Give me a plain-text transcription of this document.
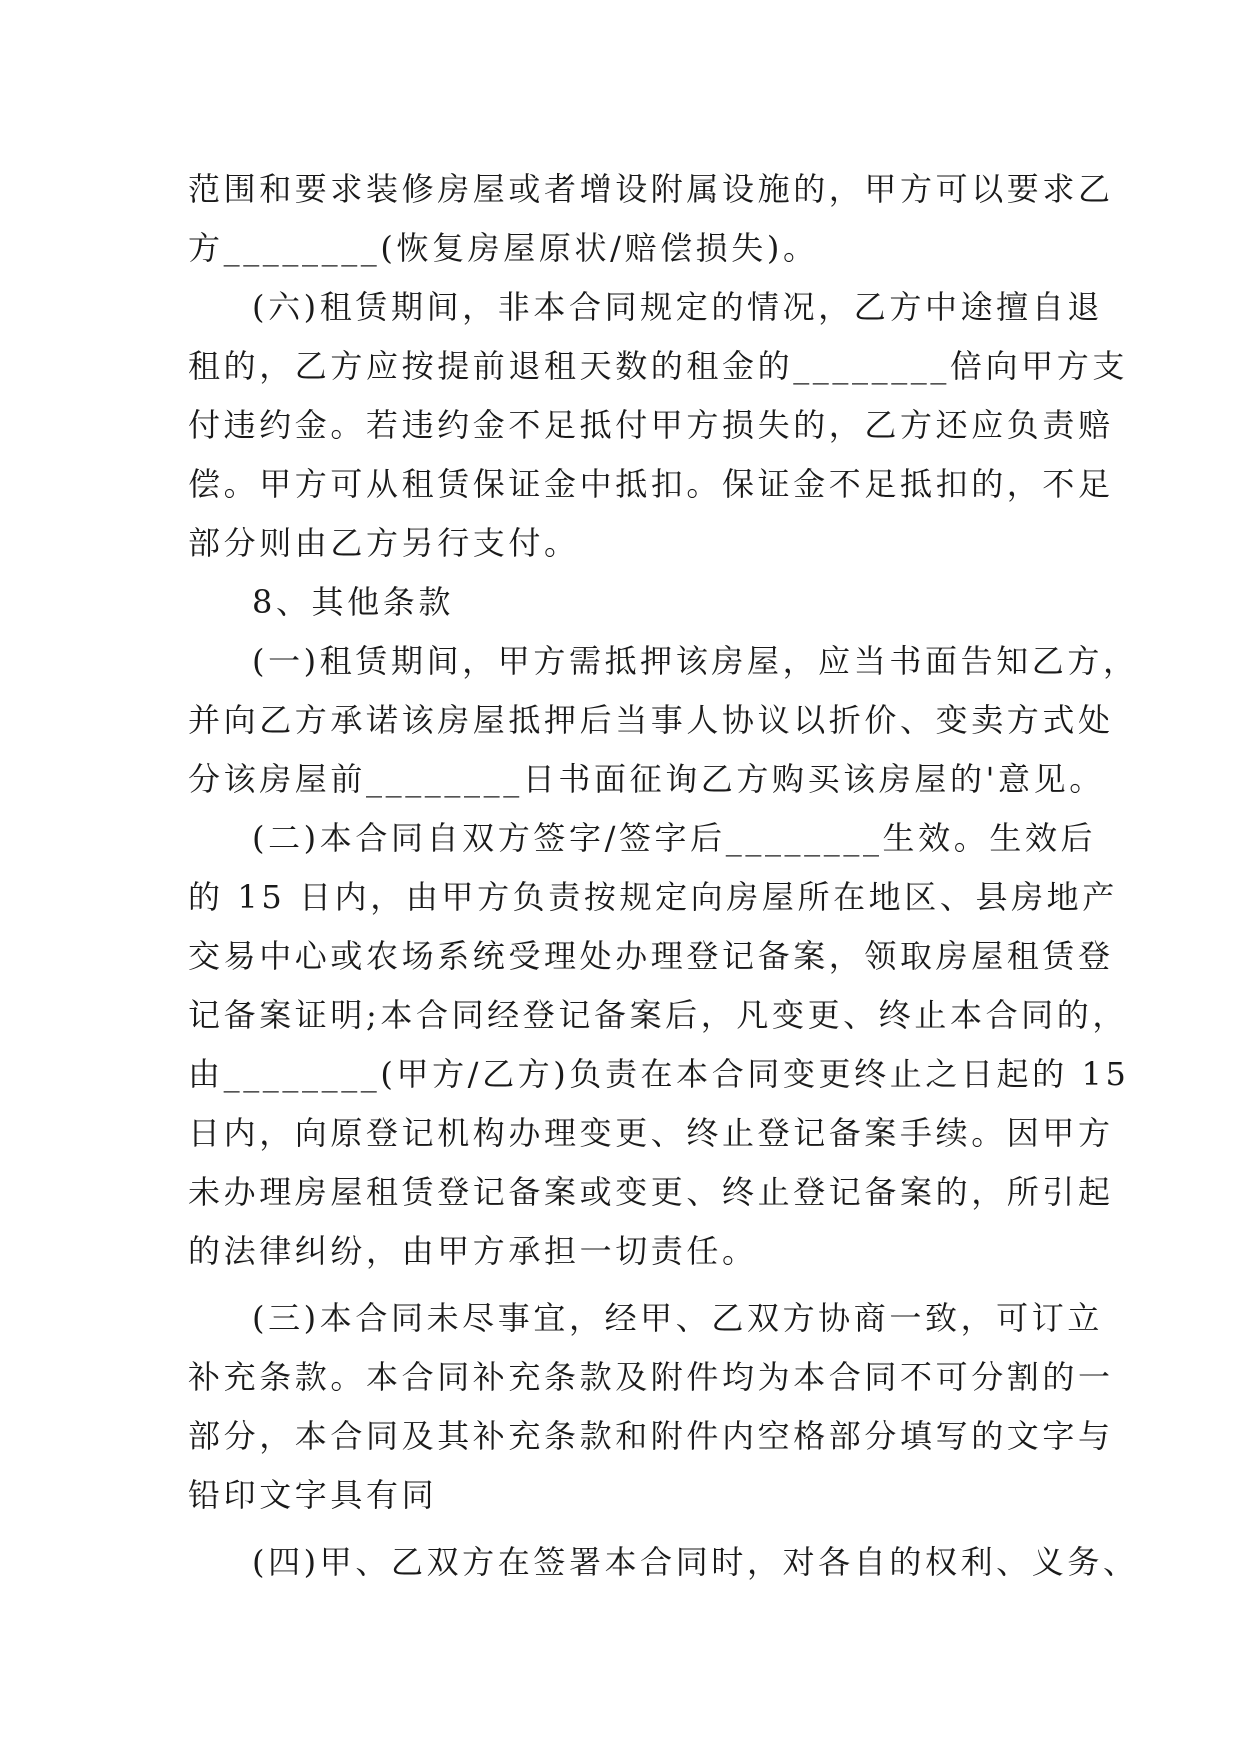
范围和要求装修房屋或者增设附属设施的，甲方可以要求乙
方________(恢复房屋原状/赔偿损失)。
(六)租赁期间，非本合同规定的情况，乙方中途擅自退
租的，乙方应按提前退租天数的租金的________倍向甲方支
付违约金。若违约金不足抵付甲方损失的，乙方还应负责赔
偿。甲方可从租赁保证金中抵扣。保证金不足抵扣的，不足
部分则由乙方另行支付。
8、其他条款
(一)租赁期间，甲方需抵押该房屋，应当书面告知乙方，
并向乙方承诺该房屋抵押后当事人协议以折价、变卖方式处
分该房屋前________日书面征询乙方购买该房屋的'意见。
(二)本合同自双方签字/签字后________生效。生效后
的 15 日内，由甲方负责按规定向房屋所在地区、县房地产
交易中心或农场系统受理处办理登记备案，领取房屋租赁登
记备案证明;本合同经登记备案后，凡变更、终止本合同的，
由________(甲方/乙方)负责在本合同变更终止之日起的 15
日内，向原登记机构办理变更、终止登记备案手续。因甲方
未办理房屋租赁登记备案或变更、终止登记备案的，所引起
的法律纠纷，由甲方承担一切责任。
(三)本合同未尽事宜，经甲、乙双方协商一致，可订立
补充条款。本合同补充条款及附件均为本合同不可分割的一
部分，本合同及其补充条款和附件内空格部分填写的文字与
铅印文字具有同
(四)甲、乙双方在签署本合同时，对各自的权利、义务、
